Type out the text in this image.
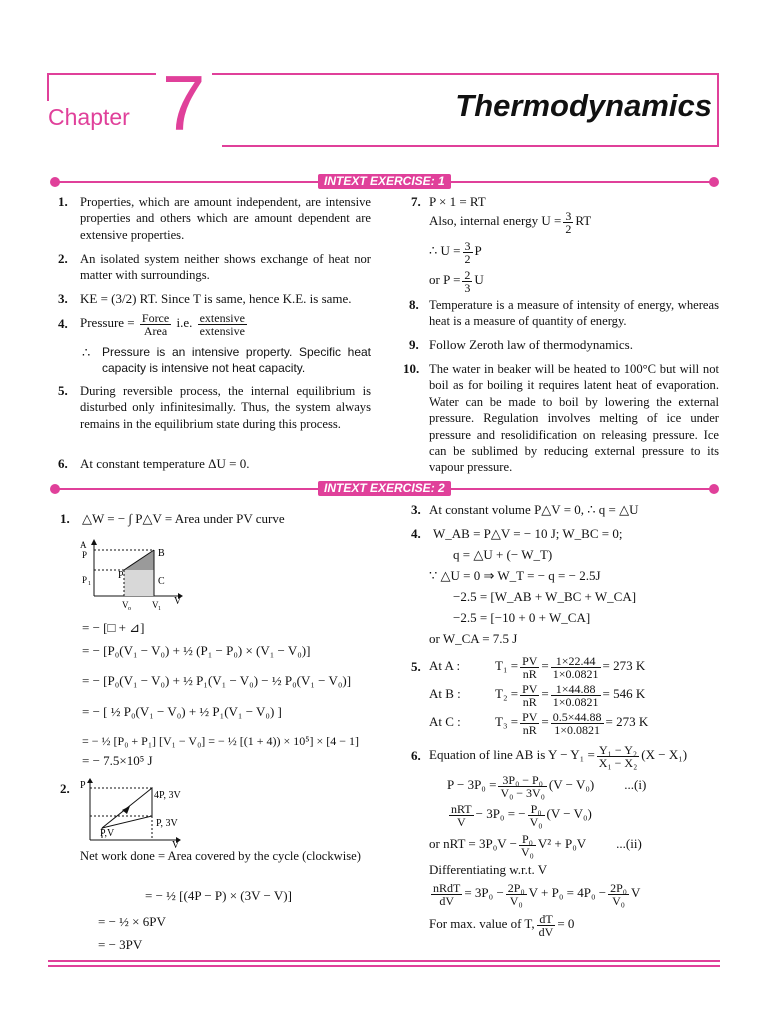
Chapter 7	Thermodynamics
INTEXT EXERCISE: 1
1. Properties, which are amount independent, are intensive properties and others which are amount dependent are extensive properties.
2. An isolated system neither shows exchange of heat nor matter with surroundings.
3. KE = (3/2) RT. Since T is same, hence K.E. is same.
4. Pressure = $\frac{\text{Force}}{\text{Area}} i.e$. $\frac{\text{extensive}}{\text{extensive}}$
∴ Pressure is an intensive property. Specific heat capacity is intensive not heat capacity.
5. During reversible process, the internal equilibrium is disturbed only infinitesimally. Thus, the system always remains in the equilibrium state during this process.
6. At constant temperature ΔU = 0.
7. P × 1 = RT
Also, internal energy $U = \frac{3}{2}$ RT
∴ $U = \frac{3}{2}$ P
or $P = \frac{2}{3}$ U
8. Temperature is a measure of intensity of energy, whereas heat is a measure of quantity of energy.
9. Follow Zeroth law of thermodynamics.
10. The water in beaker will be heated to 100°C but will not boil as for boiling it requires latent heat of evaporation. Water can be made to boil by lowering the external pressure. Regulation involves melting of ice under pressure and resolidification on releasing pressure. Ice can be sublimed by reducing external pressure to its vapour pressure.
INTEXT EXERCISE: 2
1. △W = − ∫ P△V = Area under PV curve
A
P
P 1
B
C
P
V o V 1
V
= − [□ + ⊿]
= − [P₀(V₁ − V₀) + ½ (P₁ − P₀) × (V₁ − V₀)]
= − [P₀(V₁ − V₀) + ½ P₁(V₁ − V₀) − ½ P₀(V₁ − V₀)]
= − [ ½ P₀(V₁ − V₀) + ½ P₁(V₁ − V₀) ]
= − ½ [P₀ + P₁] [V₁ − V₀] = − ½ [(1 + 4)) × 10⁵] × [4 − 1]
= − 7.5×10⁵ J
2.	4P, 3V
P, 3V
P,V
P
V
Net work done = Area covered by the cycle (clockwise)
= − ½ [(4P − P) × (3V − V)]
= − ½ × 6PV
= − 3PV
3. At constant volume P△V = 0, ∴ q = △U
4. W_AB = P△V = − 10 J; W_BC = 0;
q = △U + (− W_T)
∵ △U = 0 ⇒ W_T = − q = − 2.5J
−2.5 = [W_AB + W_BC + W_CA]
−2.5 = [−10 + 0 + W_CA]
or W_CA = 7.5 J
5. At A :	$T_1 = \frac{PV}{nR} = \frac{1\times 22.44}{1\times 0.0821} = 273$ K
At B :	$T_2 = \frac{PV}{nR} = \frac{1\times 44.88}{1\times 0.0821} = 546$ K
At C :	$T_3 = \frac{PV}{nR} = \frac{0.5\times 44.88}{1\times 0.0821} = 273$ K
6. Equation of line AB is $Y - Y_1 = \frac{\text{Y₁ − Y₂}}{\text{X₁ − X₂}} (X - X_1)$
$P - 3P_0 = \frac{\text{3P₀ − P₀}}{\text{V₀ − 3V₀}} (V - V_0)$ ...(i)
$\frac{\text{nRT}}{V} - 3P_0$ = − $\frac{\text{P₀}}{\text{V₀}} (V - V_0)$
or nRT = $3P_0V - \frac{\text{P₀}}{\text{V₀}} V^2 + P_0V$ ...(ii)
Differentiating w.r.t. V
$\frac{\text{nRdT}}{dV} = 3P_0 - \frac{\text{2P₀}}{\text{V₀}}$ $V + P_0 = 4P_0 - \frac{\text{2P₀}}{\text{V₀}}$ V
For max. value of T, $\frac{dT}{dV} = 0$
